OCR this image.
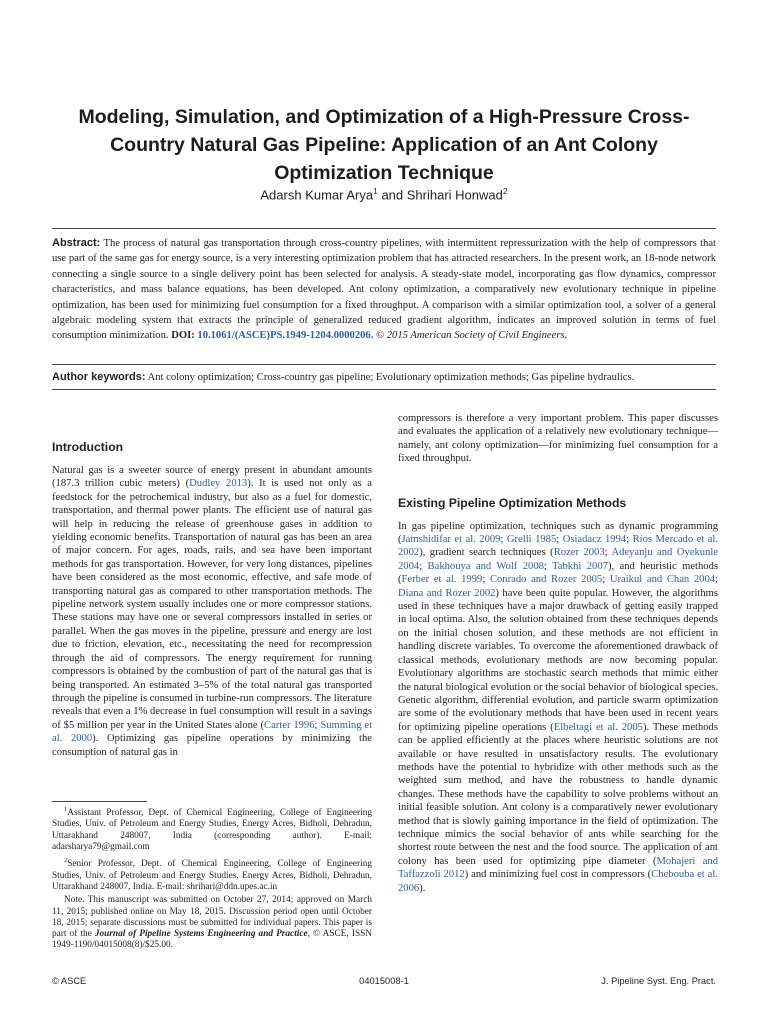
Modeling, Simulation, and Optimization of a High-Pressure Cross-Country Natural Gas Pipeline: Application of an Ant Colony Optimization Technique
Adarsh Kumar Arya$^1$ and Shrihari Honwad$^2$
Abstract: The process of natural gas transportation through cross-country pipelines, with intermittent repressurization with the help of compressors that use part of the same gas for energy source, is a very interesting optimization problem that has attracted researchers. In the present work, an 18-node network connecting a single source to a single delivery point has been selected for analysis. A steady-state model, incorporating gas flow dynamics, compressor characteristics, and mass balance equations, has been developed. Ant colony optimization, a comparatively new evolutionary technique in pipeline optimization, has been used for minimizing fuel consumption for a fixed throughput. A comparison with a similar optimization tool, a solver of a general algebraic modeling system that extracts the principle of generalized reduced gradient algorithm, indicates an improved solution in terms of fuel consumption minimization. DOI: 10.1061/(ASCE)PS.1949-1204.0000206. © 2015 American Society of Civil Engineers.
Author keywords: Ant colony optimization; Cross-country gas pipeline; Evolutionary optimization methods; Gas pipeline hydraulics.
Introduction

Natural gas is a sweeter source of energy present in abundant amounts (187.3 trillion cubic meters) (Dudley 2013). It is used not only as a feedstock for the petrochemical industry, but also as a fuel for domestic, transportation, and thermal power plants. The efficient use of natural gas will help in reducing the release of greenhouse gases in addition to yielding economic benefits. Transportation of natural gas has been an area of major concern. For ages, roads, rails, and sea have been important methods for gas transportation. However, for very long distances, pipelines have been considered as the most economic, effective, and safe mode of transporting natural gas as compared to other transportation methods. The pipeline network system usually includes one or more compressor stations. These stations may have one or several compressors installed in series or parallel. When the gas moves in the pipeline, pressure and energy are lost due to friction, elevation, etc., necessitating the need for recompression through the aid of compressors. The energy requirement for running compressors is obtained by the combustion of part of the natural gas that is being transported. An estimated 3–5% of the total natural gas transported through the pipeline is consumed in turbine-run compressors. The literature reveals that even a 1% decrease in fuel consumption will result in a savings of $5 million per year in the United States alone (Carter 1996; Summing et al. 2000). Optimizing gas pipeline operations by minimizing the consumption of natural gas in

$^1$Assistant Professor, Dept. of Chemical Engineering, College of Engineering Studies, Univ. of Petroleum and Energy Studies, Energy Acres, Bidholi, Dehradun, Uttarakhand 248007, India (corresponding author). E-mail: adarsharya79@gmail.com

$^2$Senior Professor, Dept. of Chemical Engineering, College of Engineering Studies, Univ. of Petroleum and Energy Studies, Energy Acres, Bidholi, Dehradun, Uttarakhand 248007, India. E-mail: shrihari@ddn.upes.ac.in

Note. This manuscript was submitted on October 27, 2014; approved on March 11, 2015; published online on May 18, 2015. Discussion period open until October 18, 2015; separate discussions must be submitted for individual papers. This paper is part of the Journal of Pipeline Systems Engineering and Practice, © ASCE, ISSN 1949-1190/04015008(8)/$25.00.

compressors is therefore a very important problem. This paper discusses and evaluates the application of a relatively new evolutionary technique—namely, ant colony optimization—for minimizing fuel consumption for a fixed throughput.

Existing Pipeline Optimization Methods

In gas pipeline optimization, techniques such as dynamic programming (Jamshidifar et al. 2009; Grelli 1985; Osiadacz 1994; Ríos Mercado et al. 2002), gradient search techniques (Rozer 2003; Adeyanju and Oyekunle 2004; Bakhouya and Wolf 2008; Tabkhi 2007), and heuristic methods (Ferber et al. 1999; Conrado and Rozer 2005; Uraikul and Chan 2004; Diana and Rozer 2002) have been quite popular. However, the algorithms used in these techniques have a major drawback of getting easily trapped in local optima. Also, the solution obtained from these techniques depends on the initial chosen solution, and these methods are not efficient in handling discrete variables. To overcome the aforementioned drawback of classical methods, evolutionary methods are now becoming popular. Evolutionary algorithms are stochastic search methods that mimic either the natural biological evolution or the social behavior of biological species. Genetic algorithm, differential evolution, and particle swarm optimization are some of the evolutionary methods that have been used in recent years for optimizing pipeline operations (Elbeltagi et al. 2005). These methods can be applied efficiently at the places where heuristic solutions are not available or have resulted in unsatisfactory results. The evolutionary methods have the potential to hybridize with other methods such as the weighted sum method, and have the robustness to handle dynamic changes. These methods have the capability to solve problems without an initial feasible solution. Ant colony is a comparatively newer evolutionary method that is slowly gaining importance in the field of optimization. The technique mimics the social behavior of ants while searching for the shortest route between the nest and the food source. The application of ant colony has been used for optimizing pipe diameter (Mohajeri and Taffazzoli 2012) and minimizing fuel cost in compressors (Chebouba et al. 2006).

© ASCE	04015008-1	J. Pipeline Syst. Eng. Pract.
